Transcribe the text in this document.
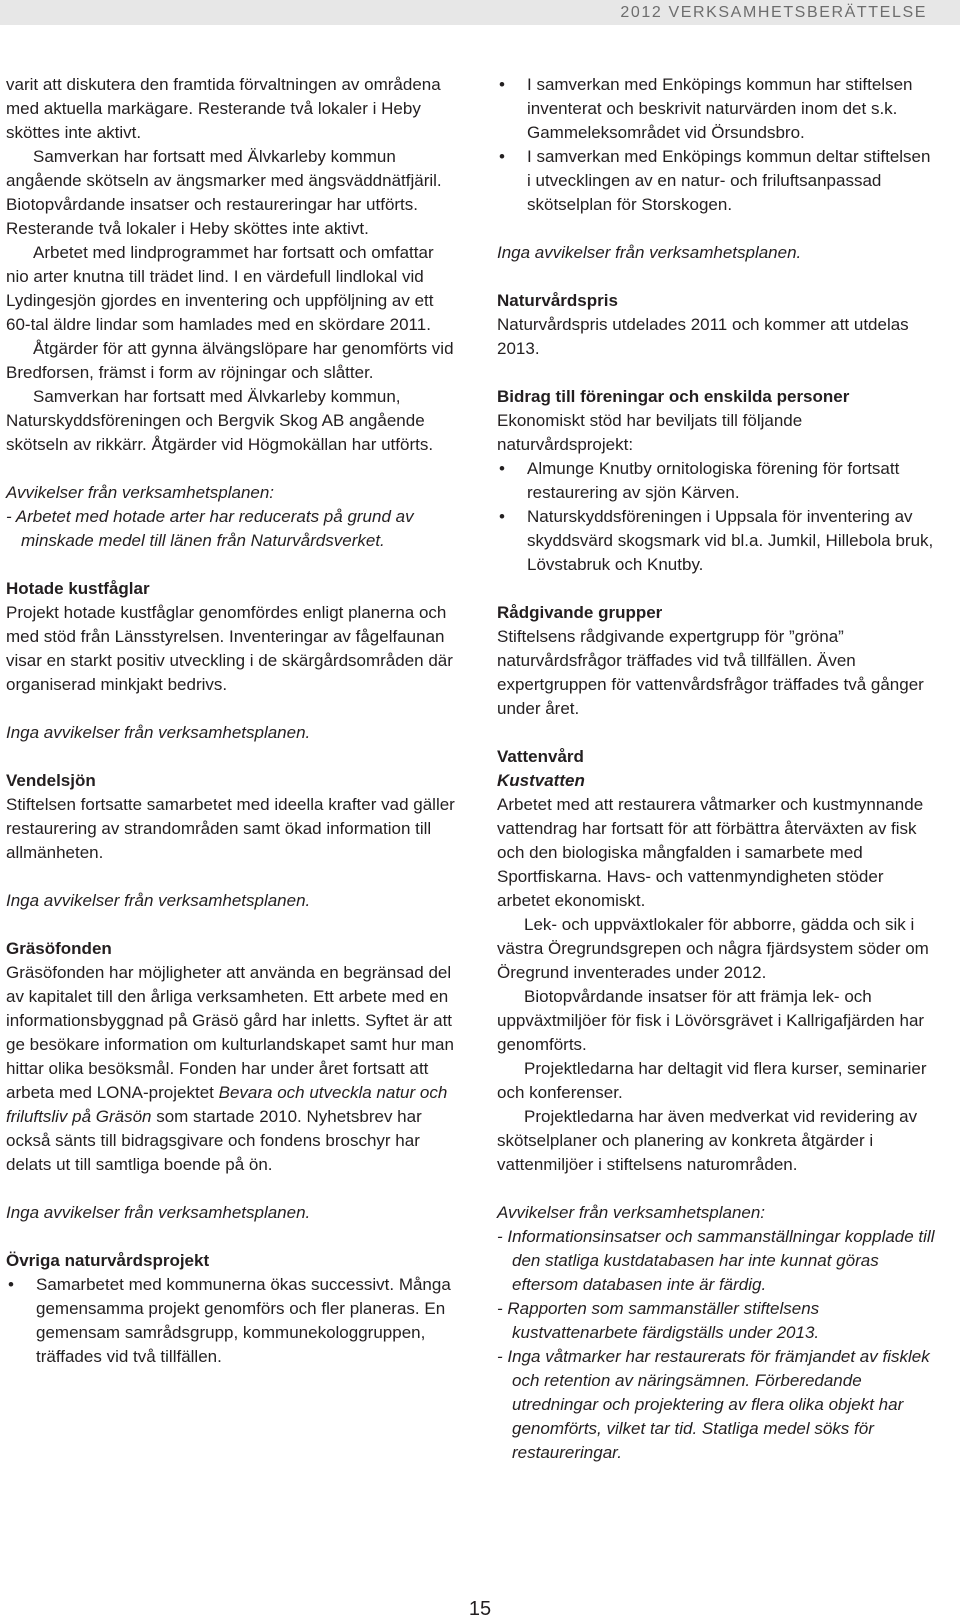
2012 VERKSAMHETSBERÄTTELSE

varit att diskutera den framtida förvaltningen av områdena med aktuella markägare. Resterande två lokaler i Heby sköttes inte aktivt.

Samverkan har fortsatt med Älvkarleby kommun angående skötseln av ängsmarker med ängsväddnätfjäril. Biotopvårdande insatser och restaureringar har utförts. Resterande två lokaler i Heby sköttes inte aktivt.

Arbetet med lindprogrammet har fortsatt och omfattar nio arter knutna till trädet lind. I en värdefull lindlokal vid Lydingesjön gjordes en inventering och uppföljning av ett 60-tal äldre lindar som hamlades med en skördare 2011.

Åtgärder för att gynna älvängslöpare har genomförts vid Bredforsen, främst i form av röjningar och slåtter.

Samverkan har fortsatt med Älvkarleby kommun, Naturskyddsföreningen och Bergvik Skog AB angående skötseln av rikkärr. Åtgärder vid Högmokällan har utförts.

Avvikelser från verksamhetsplanen:

- Arbetet med hotade arter har reducerats på grund av minskade medel till länen från Naturvårdsverket.

Hotade kustfåglar

Projekt hotade kustfåglar genomfördes enligt planerna och med stöd från Länsstyrelsen. Inventeringar av fågelfaunan visar en starkt positiv utveckling i de skärgårdsområden där organiserad minkjakt bedrivs.

Inga avvikelser från verksamhetsplanen.

Vendelsjön

Stiftelsen fortsatte samarbetet med ideella krafter vad gäller restaurering av strandområden samt ökad information till allmänheten.

Inga avvikelser från verksamhetsplanen.

Gräsöfonden

Gräsöfonden har möjligheter att använda en begränsad del av kapitalet till den årliga verksamheten. Ett arbete med en informationsbyggnad på Gräsö gård har inletts. Syftet är att ge besökare information om kulturlandskapet samt hur man hittar olika besöksmål. Fonden har under året fortsatt att arbeta med LONA-projektet Bevara och utveckla natur och friluftsliv på Gräsön som startade 2010. Nyhetsbrev har också sänts till bidragsgivare och fondens broschyr har delats ut till samtliga boende på ön.

Inga avvikelser från verksamhetsplanen.

Övriga naturvårdsprojekt

• Samarbetet med kommunerna ökas successivt. Många gemensamma projekt genomförs och fler planeras. En gemensam samrådsgrupp, kommunekologgruppen, träffades vid två tillfällen.
• I samverkan med Enköpings kommun har stiftelsen inventerat och beskrivit naturvärden inom det s.k. Gammeleksområdet vid Örsundsbro.
• I samverkan med Enköpings kommun deltar stiftelsen i utvecklingen av en natur- och friluftsanpassad skötselplan för Storskogen.

Inga avvikelser från verksamhetsplanen.

Naturvårdspris

Naturvårdspris utdelades 2011 och kommer att utdelas 2013.

Bidrag till föreningar och enskilda personer

Ekonomiskt stöd har beviljats till följande naturvårdsprojekt:

• Almunge Knutby ornitologiska förening för fortsatt restaurering av sjön Kärven.
• Naturskyddsföreningen i Uppsala för inventering av skyddsvärd skogsmark vid bl.a. Jumkil, Hillebola bruk, Lövstabruk och Knutby.

Rådgivande grupper

Stiftelsens rådgivande expertgrupp för ”gröna” naturvårdsfrågor träffades vid två tillfällen. Även expertgruppen för vattenvårdsfrågor träffades två gånger under året.

Vattenvård

Kustvatten

Arbetet med att restaurera våtmarker och kustmynnande vattendrag har fortsatt för att förbättra återväxten av fisk och den biologiska mångfalden i samarbete med Sportfiskarna. Havs- och vattenmyndigheten stöder arbetet ekonomiskt.

Lek- och uppväxtlokaler för abborre, gädda och sik i västra Öregrundsgrepen och några fjärdsystem söder om Öregrund inventerades under 2012.

Biotopvårdande insatser för att främja lek- och uppväxtmiljöer för fisk i Lövörsgrävet i Kallrigafjärden har genomförts.

Projektledarna har deltagit vid flera kurser, seminarier och konferenser.

Projektledarna har även medverkat vid revidering av skötselplaner och planering av konkreta åtgärder i vattenmiljöer i stiftelsens naturområden.

Avvikelser från verksamhetsplanen:

- Informationsinsatser och sammanställningar kopplade till den statliga kustdatabasen har inte kunnat göras eftersom databasen inte är färdig.

- Rapporten som sammanställer stiftelsens kustvattenarbete färdigställs under 2013.

- Inga våtmarker har restaurerats för främjandet av fisklek och retention av näringsämnen. Förberedande utredningar och projektering av flera olika objekt har genomförts, vilket tar tid. Statliga medel söks för restaureringar.

15
